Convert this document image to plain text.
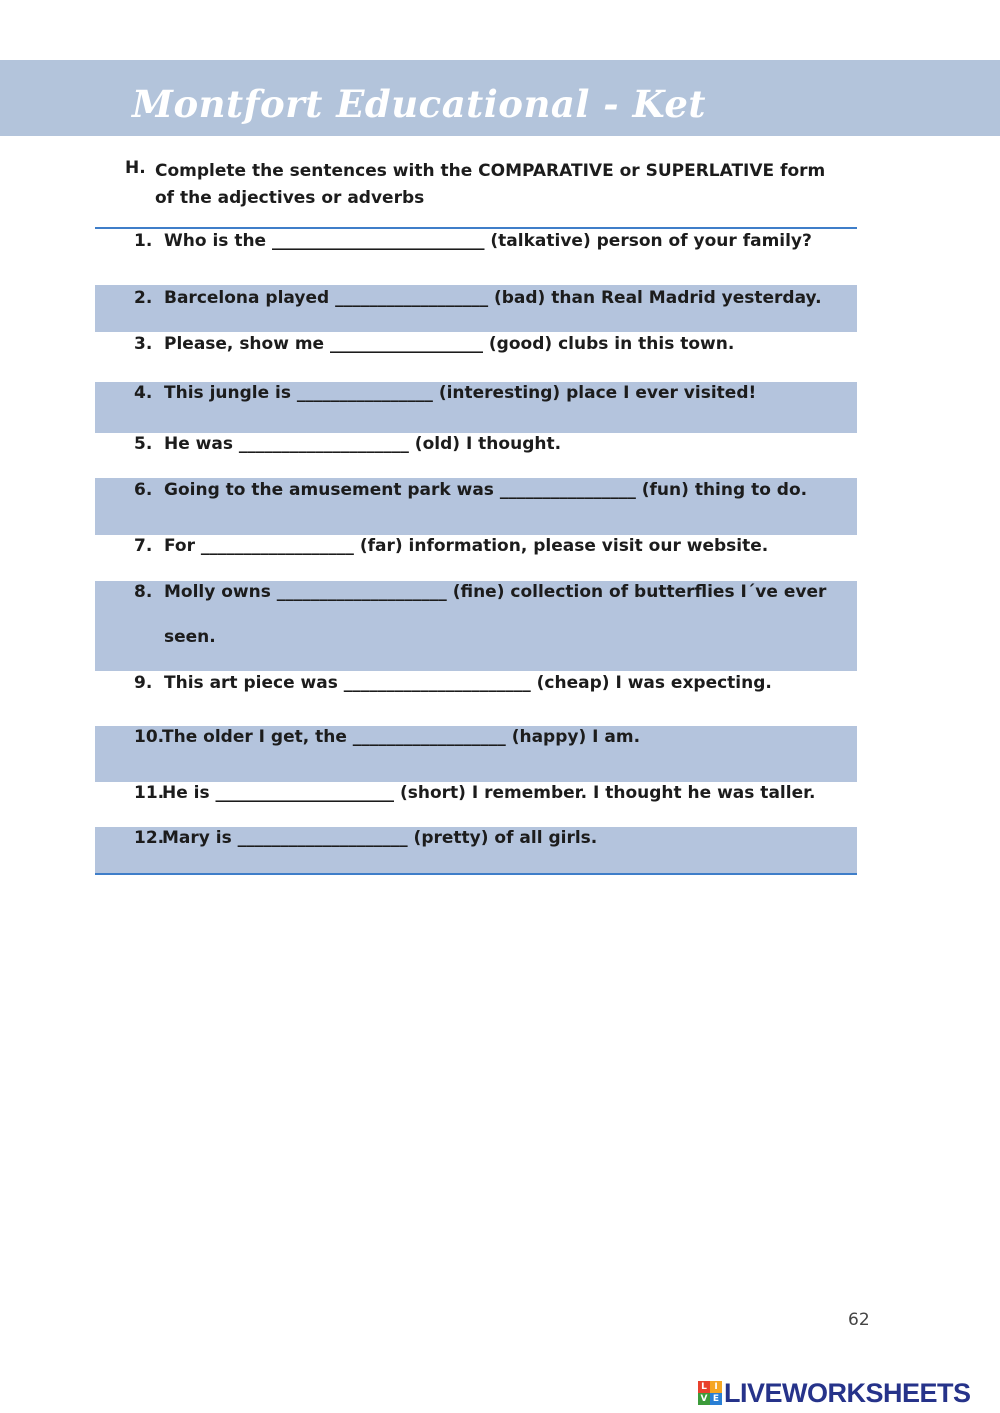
Montfort Educational - Ket
H. Complete the sentences with the COMPARATIVE or SUPERLATIVE form of the adjectives or adverbs
1. Who is the _________________________ (talkative) person of your family?
2. Barcelona played __________________ (bad) than Real Madrid yesterday.
3. Please, show me __________________ (good) clubs in this town.
4. This jungle is ________________ (interesting) place I ever visited!
5. He was ____________________ (old) I thought.
6. Going to the amusement park was ________________ (fun) thing to do.
7. For __________________ (far) information, please visit our website.
8. Molly owns ____________________ (fine) collection of butterflies I´ve ever
seen.
9. This art piece was ______________________ (cheap) I was expecting.
10.
The older I get, the __________________ (happy) I am.
11.
He is _____________________ (short) I remember. I thought he was taller.
12.
Mary is ____________________ (pretty) of all girls.
62
L I
V E LIVEWORKSHEETS
